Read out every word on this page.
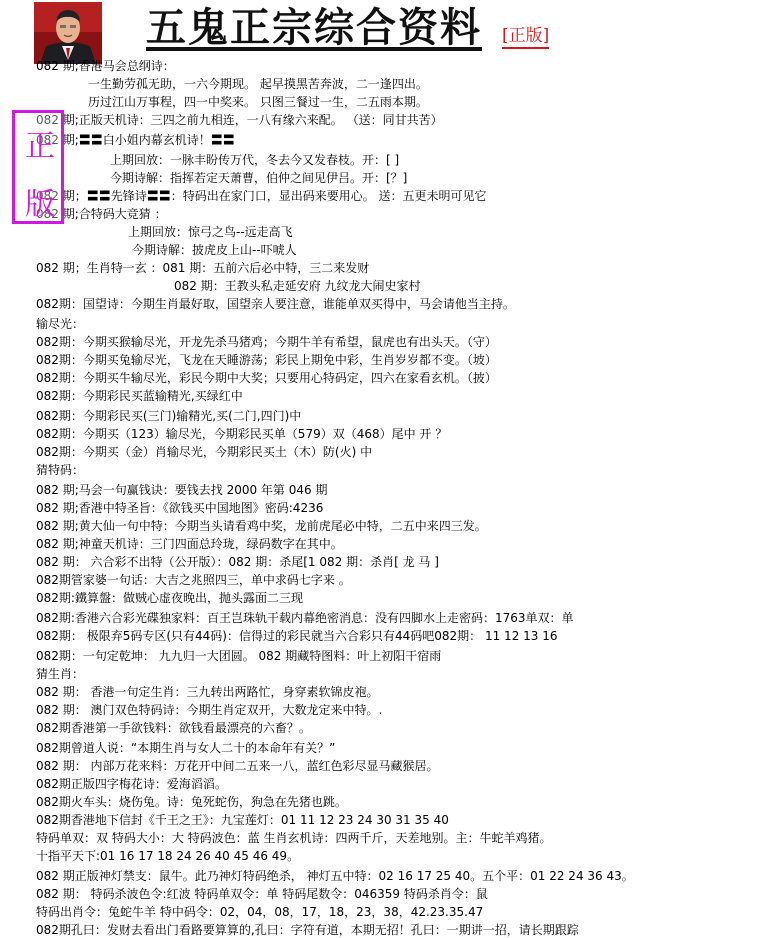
五鬼正宗综合资料 [正版]
082 期;香港马会总纲诗：
一生勤劳孤无助，一六今期现。 起早摸黑苦奔波，二一逢四出。
历过江山万事程，四一中奖来。 只图三餐过一生，二五雨本期。
082 期;正版天机诗：三四之前九相连，一八有缘六来配。 （送：同甘共苦）
082 期;〓〓白小姐内幕玄机诗！〓〓
上期回放：一脉丰盼传万代，冬去今又发春枝。开：[ ]
今期诗解：指挥若定天萧曹，伯仲之间见伊吕。开：[？]
082 期；〓〓先锋诗〓〓：特码出在家门口，显出码来要用心。 送：五更未明可见它
082 期;合特码大竞猜 ：
上期回放：惊弓之鸟--远走高飞
今期诗解：披虎皮上山--吓唬人
082 期；生肖特一玄 ：081 期：五前六后必中特，三二来发财
082 期：王教头私走延安府 九纹龙大闹史家村
082期：国望诗：今期生肖最好取，国望亲人要注意，谁能单双买得中，马会请他当主持。
输尽光：
082期：今期买猴输尽光，开龙先杀马猪鸡；今期牛羊有希望，鼠虎也有出头天。（守）
082期：今期买兔输尽光，飞龙在天睡游荡；彩民上期免中彩，生肖岁岁都不变。（坡）
082期：今期买牛输尽光，彩民今期中大奖；只要用心特码定，四六在家看玄机。（披）
082期：今期彩民买蓝输精光,买绿红中
082期：今期彩民买(三门)输精光,买(二门,四门)中
082期：今期买（123）输尽光，今期彩民买单（579）双（468）尾中 开 ？
082期：今期买（金）肖输尽光，今期彩民买土（木）防(火) 中
猜特码：
082 期;马会一句赢钱诀：要钱去找 2000 年第 046 期
082 期;香港中特圣旨：《欲钱买中国地图》密码:4236
082 期;黄大仙一句中特：今期当头请看鸡中奖，龙前虎尾必中特，二五中来四三发。
082 期;神童天机诗：三门四面总玲珑，绿码数字在其中。
082 期： 六合彩不出特（公开版）：082 期：杀尾[1 082 期：杀肖[ 龙 马 ]
082期管家婆一句话：大吉之兆照四三，单中求码七字来 。
082期:鐵算盤：做贼心虚夜晚出，抛头露面二三现
082期:香港六合彩光碟独家料：百王岂珠轨干载内幕绝密消息：没有四脚水上走密码：1763单双：单
082期： 极限弃5码专区(只有44码)：信得过的彩民就当六合彩只有44码吧082期： 11 12 13 16
082期：一句定乾坤： 九九归一大团圆。 082 期藏特图料：叶上初阳干宿雨
猜生肖：
082 期： 香港一句定生肖：三九转出两路忙，身穿素软锦皮袍。
082 期： 澳门双色特码诗：今期生肖定双开，大数龙定来中特。.
082期香港第一手欲钱料：欲钱看最漂亮的六畜？。
082期曾道人说：“本期生肖与女人二十的本命年有关？”
082 期： 内部万花来料：万花开中间二五来一八，蓝红色彩尽显马藏猴居。
082期正版四字梅花诗：爱海滔滔。
082期火车头：烧伤兔。诗：兔死蛇伤，狗急在先猪也跳。
082期香港地下信封《千王之王》：九宝莲灯：01 11 12 23 24 30 31 35 40
特码单双：双 特码大小：大 特码波色：蓝 生肖玄机诗：四两千斤，天差地别。主：牛蛇羊鸡猪。
十指平天下:01 16 17 18 24 26 40 45 46 49。
082 期正版神灯禁支：鼠牛。此乃神灯特码绝杀， 神灯五中特：02 16 17 25 40。五个平：01 22 24 36 43。
082 期： 特码杀波色令:红波 特码单双令：单 特码尾数令：046359 特码杀肖令：鼠
特码出肖令：兔蛇牛羊 特中码令：02，04，08，17，18，23，38，42.23.35.47
082期孔曰：发财去看出门看路要算算的,孔曰：字符有道，本期无招！孔曰：一期讲一招，请长期跟踪
正
版
